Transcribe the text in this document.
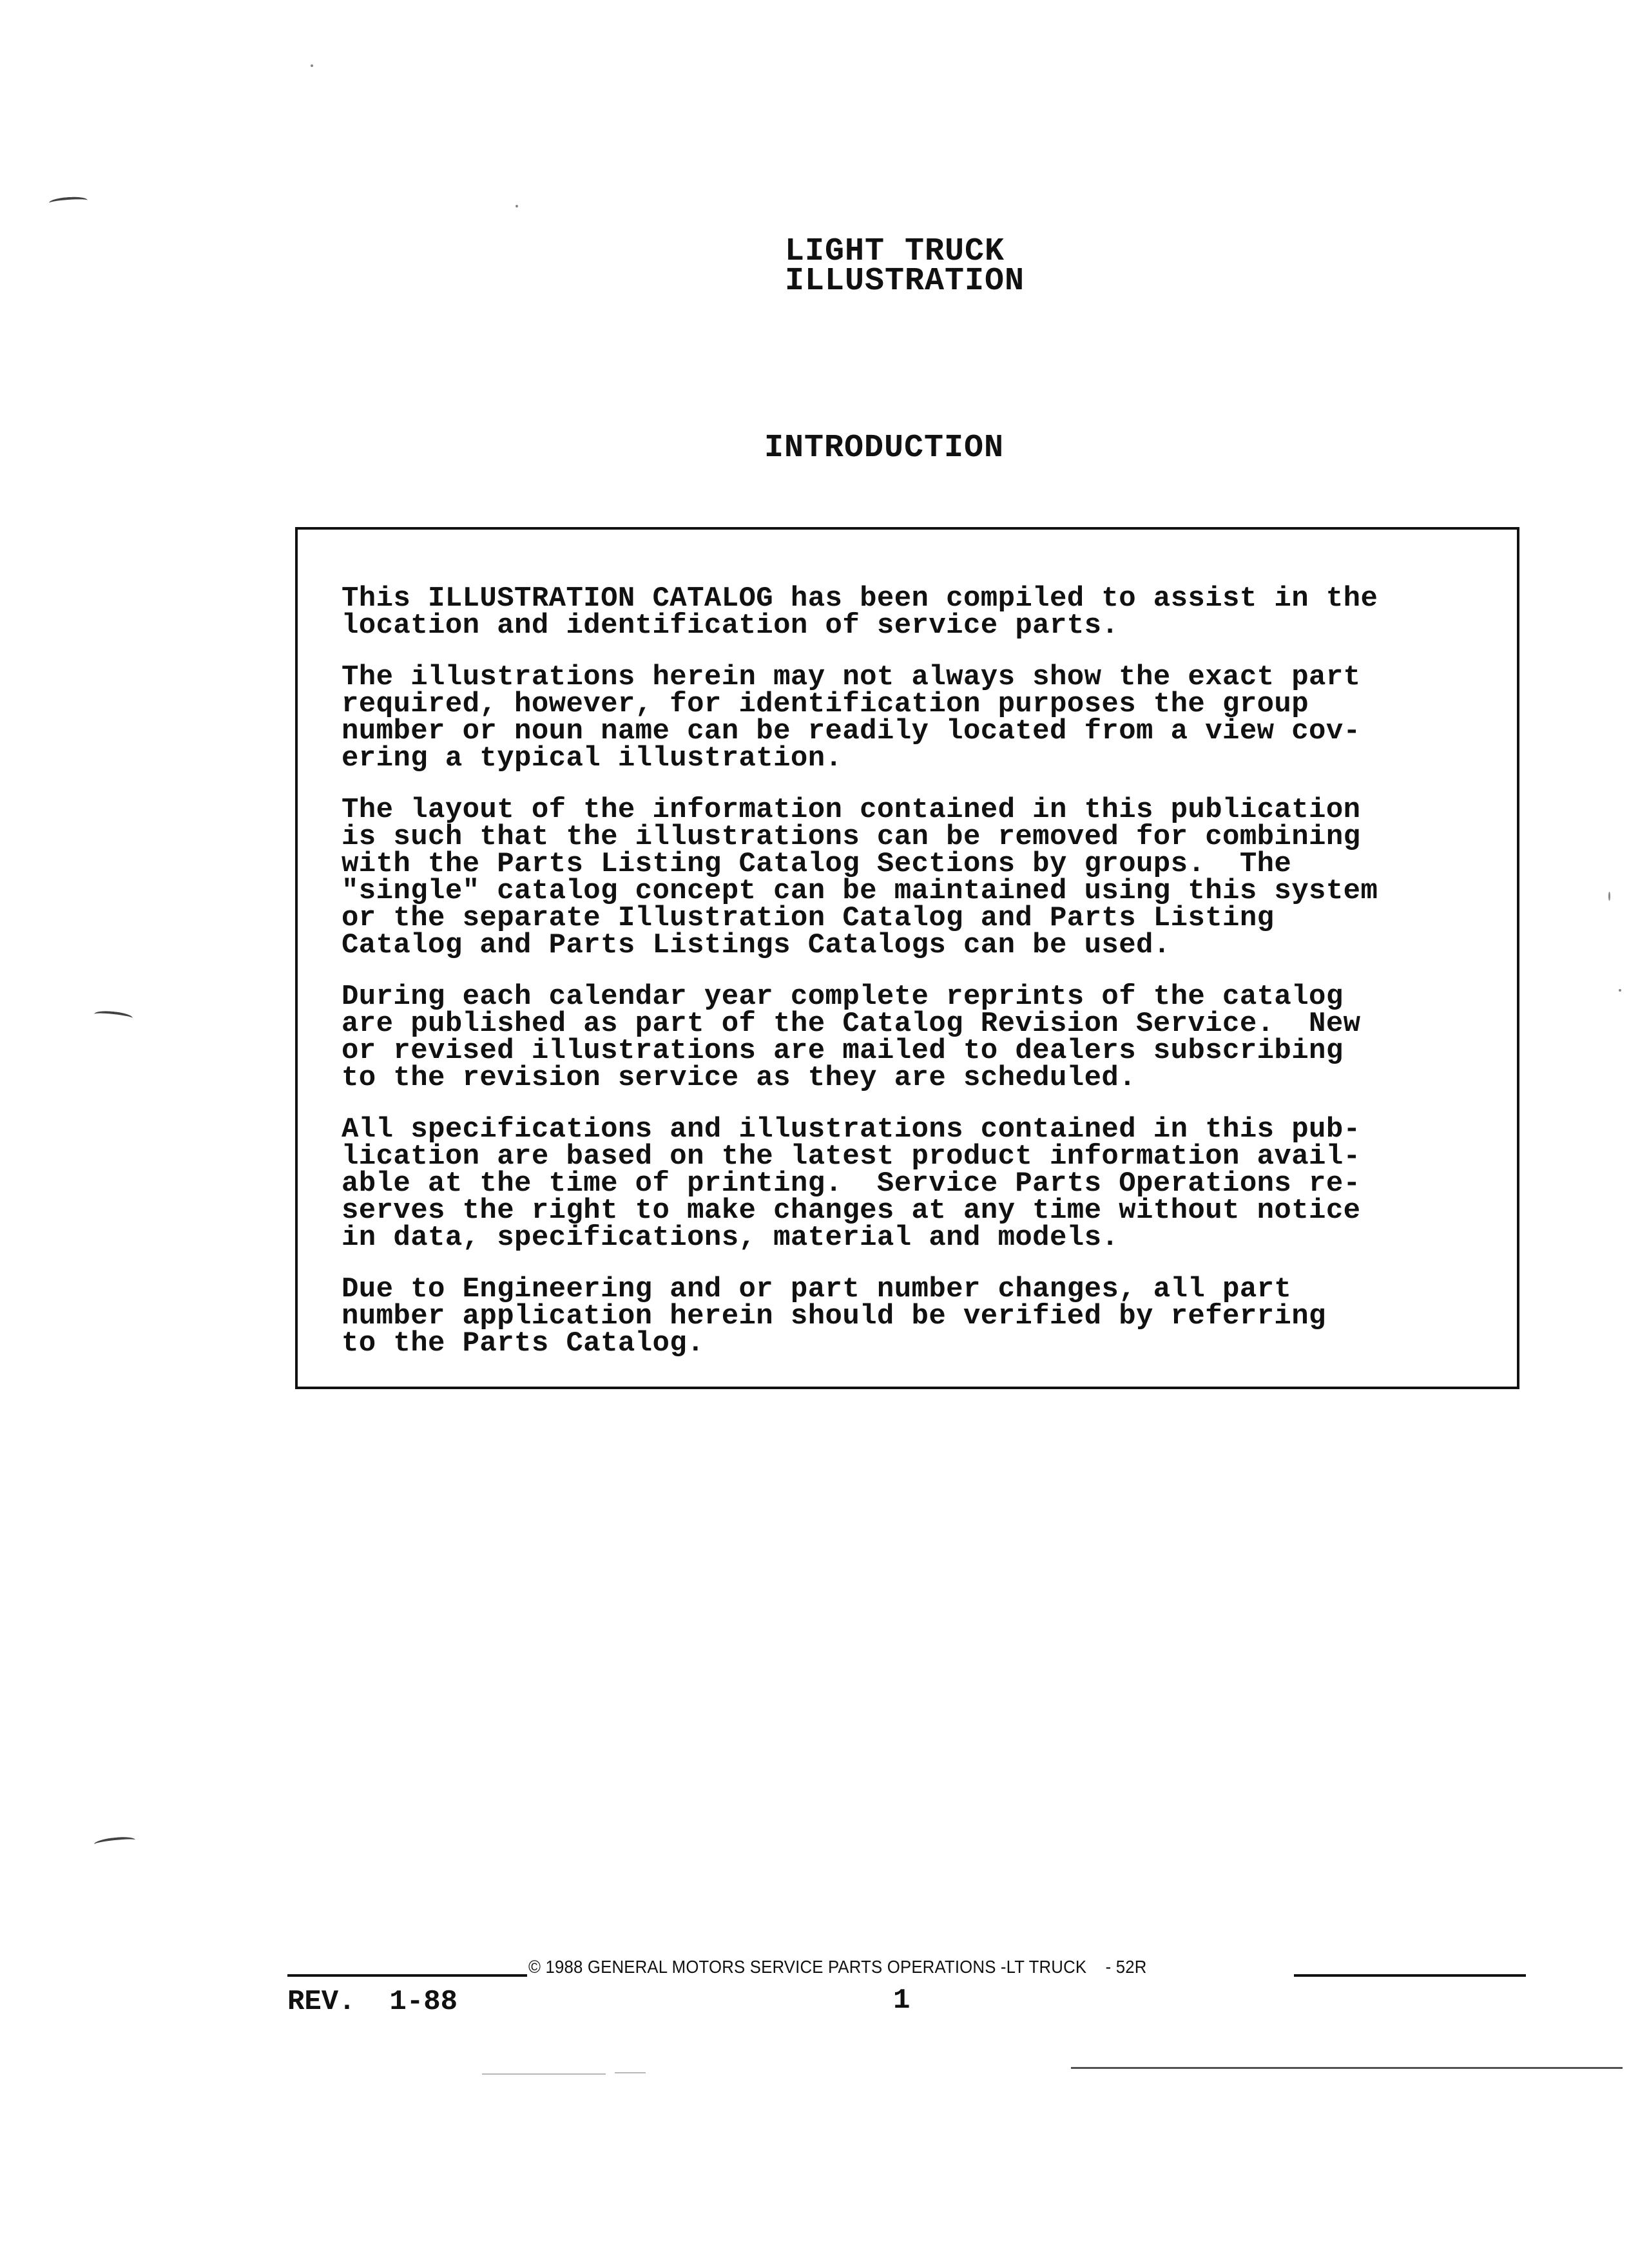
LIGHT TRUCK
ILLUSTRATION
INTRODUCTION
This ILLUSTRATION CATALOG has been compiled to assist in the
location and identification of service parts.
The illustrations herein may not always show the exact part
required, however, for identification purposes the group
number or noun name can be readily located from a view cov-
ering a typical illustration.
The layout of the information contained in this publication
is such that the illustrations can be removed for combining
with the Parts Listing Catalog Sections by groups.  The
"single" catalog concept can be maintained using this system
or the separate Illustration Catalog and Parts Listing
Catalog and Parts Listings Catalogs can be used.
During each calendar year complete reprints of the catalog
are published as part of the Catalog Revision Service.  New
or revised illustrations are mailed to dealers subscribing
to the revision service as they are scheduled.
All specifications and illustrations contained in this pub-
lication are based on the latest product information avail-
able at the time of printing.  Service Parts Operations re-
serves the right to make changes at any time without notice
in data, specifications, material and models.
Due to Engineering and or part number changes, all part
number application herein should be verified by referring
to the Parts Catalog.
© 1988 GENERAL MOTORS SERVICE PARTS OPERATIONS -LT TRUCK    - 52R
REV.  1-88	1
